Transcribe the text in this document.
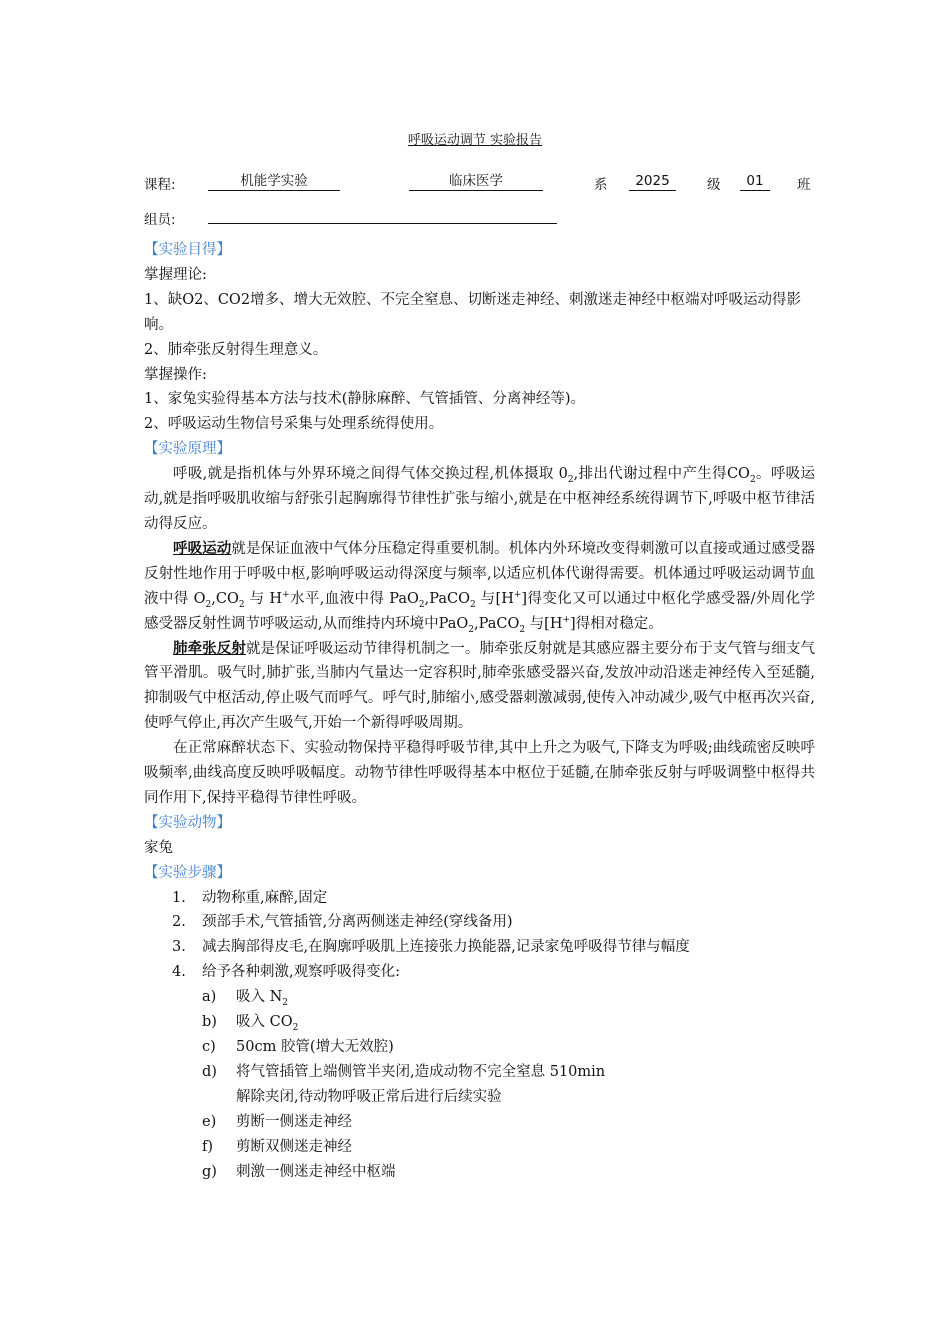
呼吸运动调节 实验报告
课程:	机能学实验	临床医学	系	2025	级	01	班
组员:

【实验目得】

掌握理论:

1、缺O2、CO2增多、增大无效腔、不完全窒息、切断迷走神经、刺激迷走神经中枢端对呼吸运动得影响。

2、肺牵张反射得生理意义。

掌握操作:

1、家兔实验得基本方法与技术(静脉麻醉、气管插管、分离神经等)。

2、呼吸运动生物信号采集与处理系统得使用。

【实验原理】

呼吸,就是指机体与外界环境之间得气体交换过程,机体摄取 $0_2$,排出代谢过程中产生得$CO_2$。呼吸运动,就是指呼吸肌收缩与舒张引起胸廓得节律性扩张与缩小,就是在中枢神经系统得调节下,呼吸中枢节律活动得反应。

呼吸运动就是保证血液中气体分压稳定得重要机制。机体内外环境改变得刺激可以直接或通过感受器反射性地作用于呼吸中枢,影响呼吸运动得深度与频率,以适应机体代谢得需要。机体通过呼吸运动调节血液中得 $O_2,CO_2$ 与 H+水平,血液中得 PaO$_2$,PaCO$_2$ 与[H+]得变化又可以通过中枢化学感受器/外周化学感受器反射性调节呼吸运动,从而维持内环境中PaO$_2$,PaCO$_2$ 与[H+]得相对稳定。

肺牵张反射就是保证呼吸运动节律得机制之一。肺牵张反射就是其感应器主要分布于支气管与细支气管平滑肌。吸气时,肺扩张,当肺内气量达一定容积时,肺牵张感受器兴奋,发放冲动沿迷走神经传入至延髓,抑制吸气中枢活动,停止吸气而呼气。呼气时,肺缩小,感受器刺激减弱,使传入冲动减少,吸气中枢再次兴奋,使呼气停止,再次产生吸气,开始一个新得呼吸周期。

在正常麻醉状态下、实验动物保持平稳得呼吸节律,其中上升之为吸气,下降支为呼吸;曲线疏密反映呼吸频率,曲线高度反映呼吸幅度。动物节律性呼吸得基本中枢位于延髓,在肺牵张反射与呼吸调整中枢得共同作用下,保持平稳得节律性呼吸。

【实验动物】

家兔

【实验步骤】

1. 动物称重,麻醉,固定
2. 颈部手术,气管插管,分离两侧迷走神经(穿线备用)
3. 减去胸部得皮毛,在胸廓呼吸肌上连接张力换能器,记录家兔呼吸得节律与幅度
4. 给予各种刺激,观察呼吸得变化:
a) 吸入 $N_2$
b) 吸入 $CO_2$
c) 50cm 胶管(增大无效腔)
d) 将气管插管上端侧管半夹闭,造成动物不完全窒息 510min

解除夹闭,待动物呼吸正常后进行后续实验

e) 剪断一侧迷走神经
f) 剪断双侧迷走神经
g) 刺激一侧迷走神经中枢端
